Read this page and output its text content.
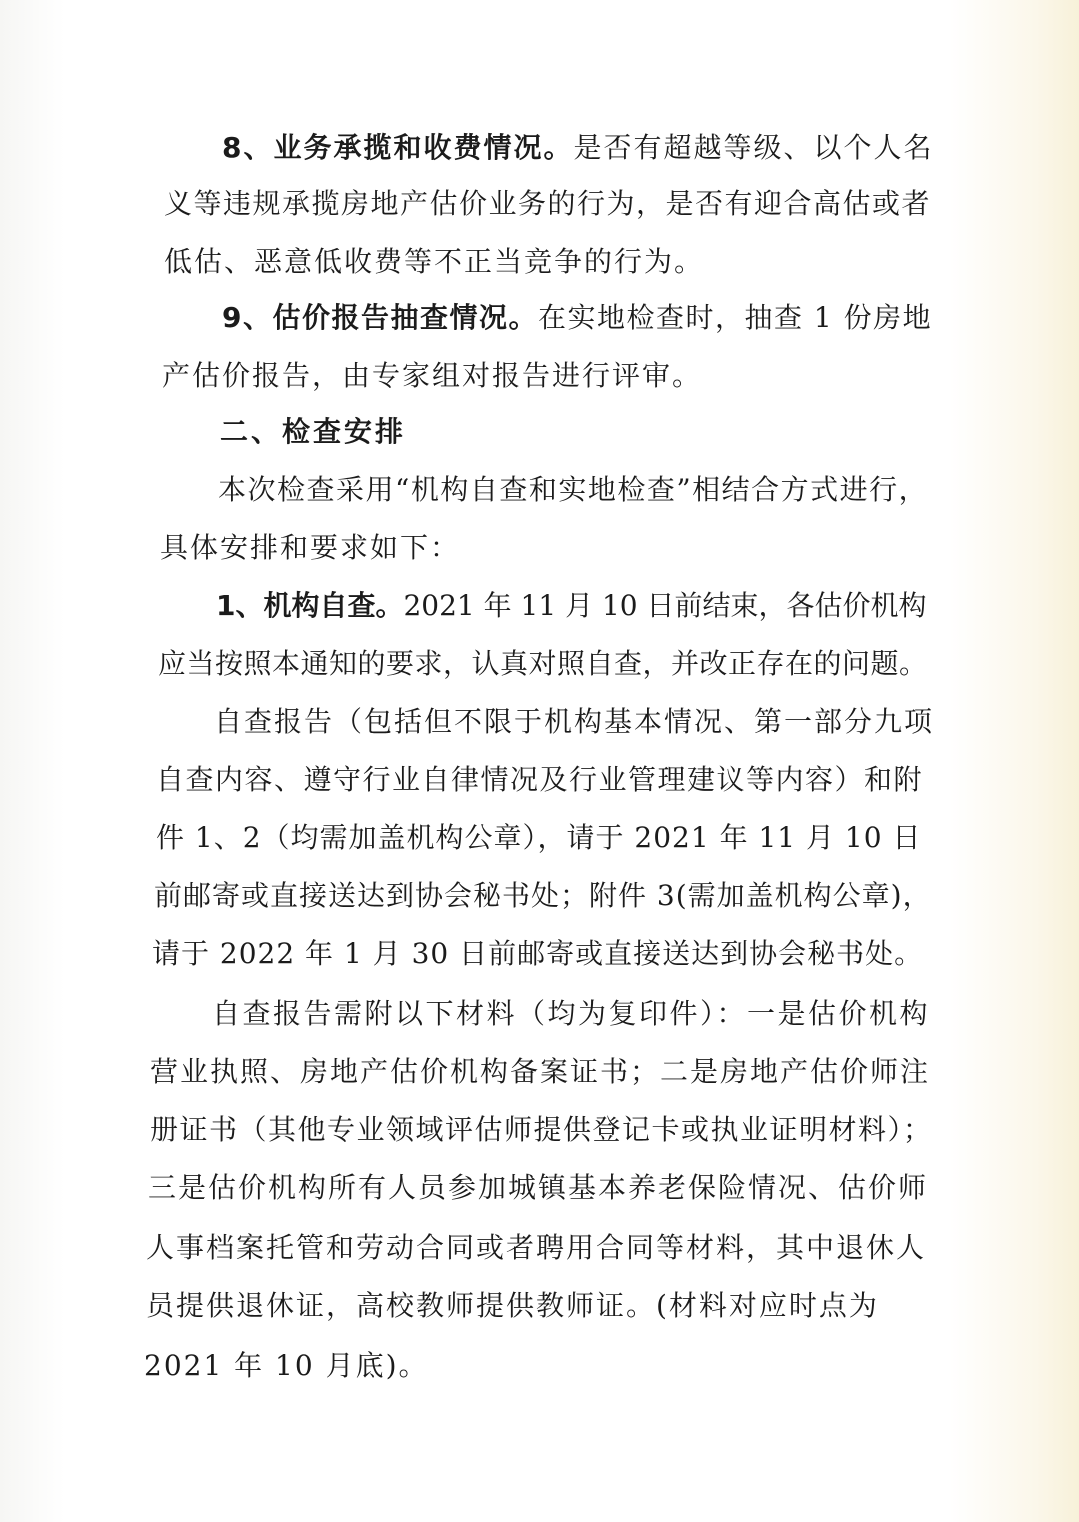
8、业务承揽和收费情况。是否有超越等级、以个人名

义等违规承揽房地产估价业务的行为，是否有迎合高估或者

低估、恶意低收费等不正当竞争的行为。

9、估价报告抽查情况。在实地检查时，抽查 1 份房地

产估价报告，由专家组对报告进行评审。

二、检查安排

本次检查采用“机构自查和实地检查”相结合方式进行，

具体安排和要求如下：

1、机构自查。2021 年 11 月 10 日前结束，各估价机构

应当按照本通知的要求，认真对照自查，并改正存在的问题。

自查报告（包括但不限于机构基本情况、第一部分九项

自查内容、遵守行业自律情况及行业管理建议等内容）和附

件 1、2（均需加盖机构公章），请于 2021 年 11 月 10 日

前邮寄或直接送达到协会秘书处；附件 3(需加盖机构公章)，

请于 2022 年 1 月 30 日前邮寄或直接送达到协会秘书处。

自查报告需附以下材料（均为复印件）：一是估价机构

营业执照、房地产估价机构备案证书；二是房地产估价师注

册证书（其他专业领域评估师提供登记卡或执业证明材料）；

三是估价机构所有人员参加城镇基本养老保险情况、估价师

人事档案托管和劳动合同或者聘用合同等材料，其中退休人

员提供退休证，高校教师提供教师证。(材料对应时点为

2021 年 10 月底)。
